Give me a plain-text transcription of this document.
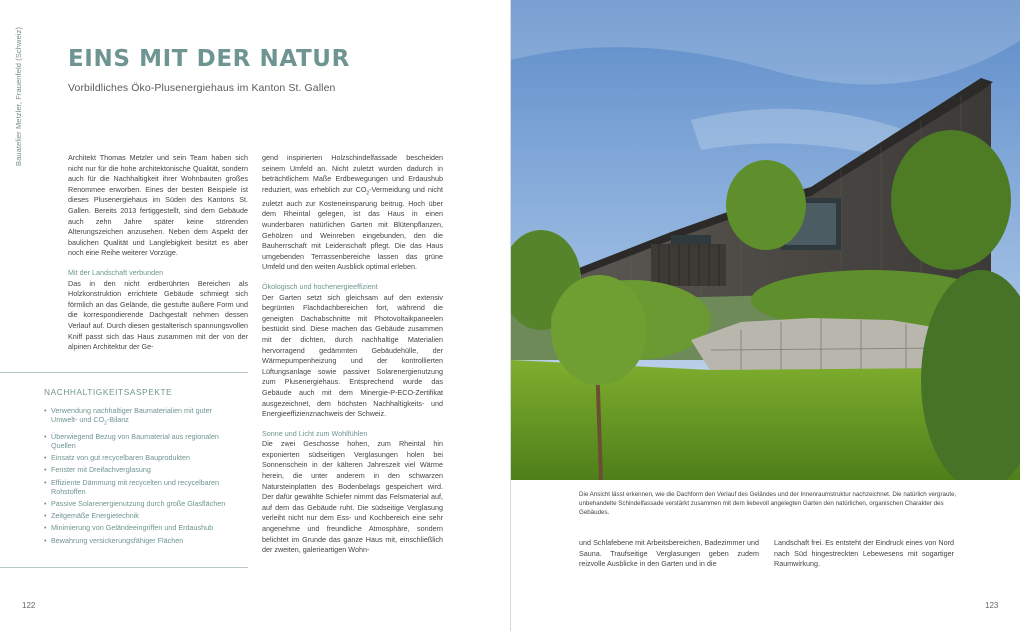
Bauatelier Metzler, Frauenfeld (Schweiz) EINS MIT DER NATUR
Vorbildliches Öko-Plusenergiehaus im Kanton St. Gallen

Architekt Thomas Metzler und sein Team haben sich nicht nur für die hohe architektonische Qualität, sondern auch für die Nachhaltigkeit ihrer Wohnbauten großes Renommee erworben. Eines der besten Beispiele ist dieses Plusenergiehaus im Süden des Kantons St. Gallen. Bereits 2013 fertiggestellt, sind dem Gebäude auch zehn Jahre später keine störenden Alterungszeichen anzusehen. Neben dem Aspekt der baulichen Qualität und Langlebigkeit besitzt es aber noch eine Reihe weiterer Vorzüge.

Mit der Landschaft verbunden

Das in den nicht erdberührten Bereichen als Holzkonstruktion errichtete Gebäude schmiegt sich förmlich an das Gelände, die gestufte äußere Form und die korrespondierende Dachgestalt nehmen dessen Verlauf auf. Durch diesen gestalterisch spannungsvollen Kniff passt sich das Haus zusammen mit der von der alpinen Architektur der Ge-

gend inspirierten Holzschindelfassade bescheiden seinem Umfeld an. Nicht zuletzt wurden dadurch in beträchtlichem Maße Erdbewegungen und Erdaushub reduziert, was erheblich zur $CO_2$-Vermeidung und nicht zuletzt auch zur Kosteneinsparung beitrug. Hoch über dem Rheintal gelegen, ist das Haus in einen wunderbaren natürlichen Garten mit Blütenpflanzen, Gehölzen und Weinreben eingebunden, den die Bauherrschaft mit Leidenschaft pflegt. Die das Haus umgebenden Terrassenbereiche lassen das grüne Umfeld und den weiten Ausblick optimal erleben.

Ökologisch und hochenergieeffizient

Der Garten setzt sich gleichsam auf den extensiv begrünten Flachdachbereichen fort, während die geneigten Dachabschnitte mit Photovoltaikpaneelen bestückt sind. Diese machen das Gebäude zusammen mit der dichten, durch nachhaltige Materialien hervorragend gedämmten Gebäudehülle, der Wärmepumpenheizung und der kontrollierten Lüftungsanlage sowie passiver Solarenergienutzung zum Plusenergiehaus. Entsprechend wurde das Gebäude auch mit dem Minergie-P-ECO-Zertifikat ausgezeichnet, dem höchsten Nachhaltigkeits- und Energieeffizienznachweis der Schweiz.

Sonne und Licht zum Wohlfühlen

Die zwei Geschosse hohen, zum Rheintal hin exponierten südseitigen Verglasungen holen bei Sonnenschein in der kälteren Jahreszeit viel Wärme herein, die unter anderem in den schwarzen Natursteinplatten des Bodenbelags gespeichert wird. Der dafür gewählte Schiefer nimmt das Felsmaterial auf, auf dem das Gebäude ruht. Die südseitige Verglasung verleiht nicht nur dem Ess- und Kochbereich eine sehr angenehme und freundliche Atmosphäre, sondern belichtet im Grunde das ganze Haus mit, einschließlich der zweiten, galerieartigen Wohn-

NACHHALTIGKEITSASPEKTE
• Verwendung nachhaltiger Baumaterialien mit guter Umwelt- und $CO_2$-Bilanz
• Überwiegend Bezug von Baumaterial aus regionalen Quellen
• Einsatz von gut recycelbaren Bauprodukten
• Fenster mit Dreifachverglasung
• Effiziente Dämmung mit recycelten und recycelbaren Rohstoffen
• Passive Solarenergienutzung durch große Glasflächen
• Zeitgemäße Energietechnik
• Minimierung von Geländeeingriffen und Erdaushub
• Bewahrung versickerungsfähiger Flächen
122
Die Ansicht lässt erkennen, wie die Dachform den Verlauf des Geländes und der Innenraumstruktur nachzeichnet. Die natürlich vergraute, unbehandelte Schindelfassade verstärkt zusammen mit dem liebevoll angelegten Garten den natürlichen, organischen Charakter des Gebäudes.
und Schlafebene mit Arbeitsbereichen, Badezimmer und Sauna. Traufseitige Verglasungen geben zudem reizvolle Ausblicke in den Garten und in die
Landschaft frei. Es entsteht der Eindruck eines von Nord nach Süd hingestreckten Lebewesens mit sogartiger Raumwirkung.
123
